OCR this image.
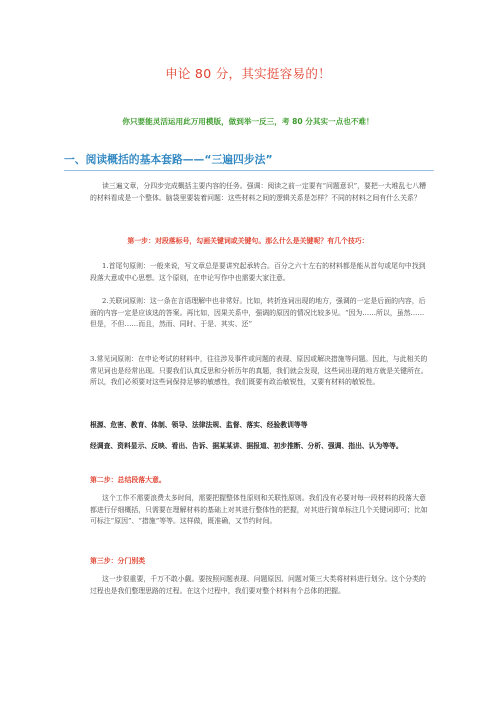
申论 80 分，其实挺容易的！
你只要能灵活运用此万用模版，做到举一反三，考 80 分其实一点也不难！
一、阅读概括的基本套路——“三遍四步法”
读三遍文章，分四步完成概括主要内容的任务。强调：阅读之前一定要有“问题意识”，要把一大堆乱七八糟的材料看成是一个整体。脑袋里要装着问题：这些材料之间的逻辑关系是怎样？不同的材料之间有什么关系？
第一步：对段落标号，勾画关键词或关键句。那么什么是关键呢？有几个技巧：
1.首尾句原则：一般来说，写文章总是要讲究起承转合。百分之六十左右的材料都是能从首句或尾句中找到段落大意或中心思想。这个原则，在申论写作中也需要大家注意。
2.关联词原则：这一条在言语理解中也非常好。比如，转折连词出现的地方，强调的一定是后面的内容，后面的内容一定是应该选的答案。再比如，因果关系中，强调的原因的情况比较多见。“因为……所以，虽然……但是，不但……而且，然而、同时、于是、其实、还”
3.常见词原则：在申论考试的材料中，往往涉及事件或问题的表现、原因或解决措施等问题。因此，与此相关的常见词也是经常出现。只要我们认真反思和分析历年的真题，我们就会发现，这些词出现的地方就是关键所在。所以，我们必须要对这些词保持足够的敏感性，我们既要有政治敏锐性，又要有材料的敏锐性。
根源、危害、教育、体制、领导、法律法规、监督、落实、经验教训等等
经调查、资料显示、反映、看出、告诉、据某某讲、据报道、初步推断、分析、强调、指出、认为等等。
第二步：总结段落大意。
这个工作不需要浪费太多时间，需要把握整体性原则和关联性原则。我们没有必要对每一段材料的段落大意都进行仔细概括，只需要在理解材料的基础上对其进行整体性的把握，对其进行简单标注几个关键词即可；比如可标注“原因”、“措施”等等。这样做，既准确，又节约时间。
第三步：分门别类
这一步很重要，千万不敢小觑。要按照问题表现、问题原因、问题对策三大类将材料进行划分。这个分类的过程也是我们整理思路的过程。在这个过程中，我们要对整个材料有个总体的把握。
